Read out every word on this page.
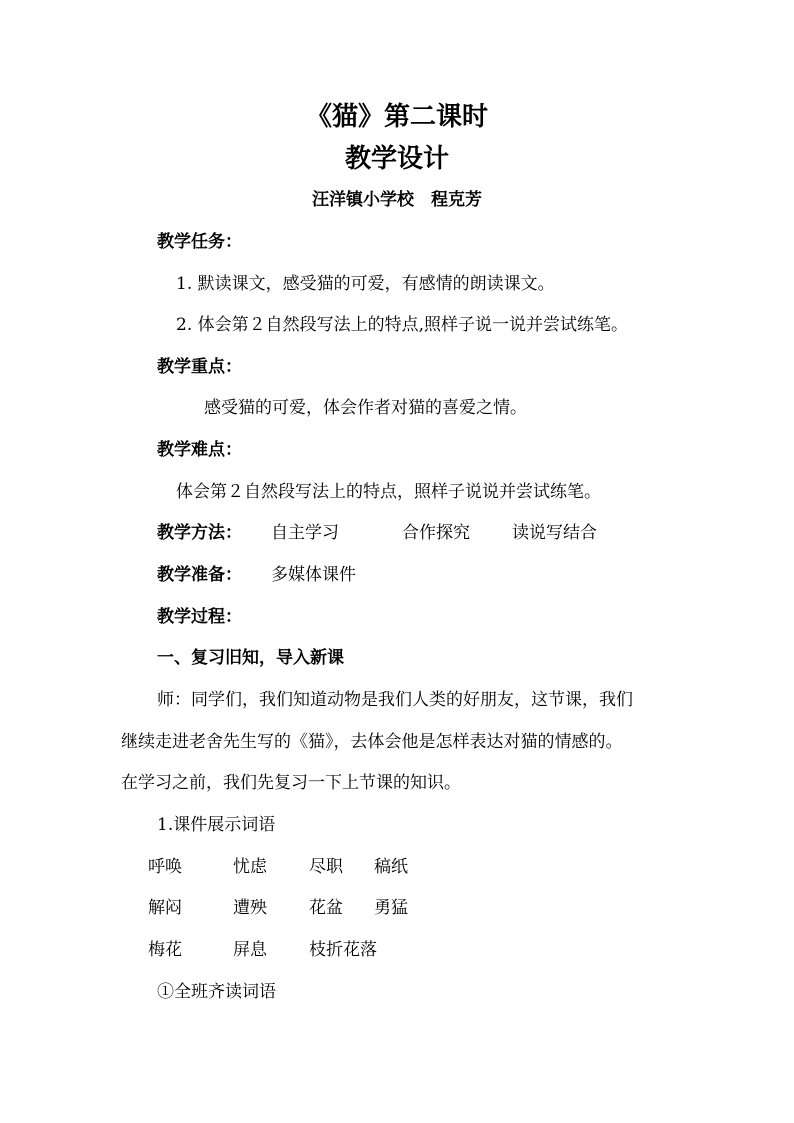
《猫》第二课时
教学设计
汪洋镇小学校　程克芳
教学任务：
1. 默读课文，感受猫的可爱，有感情的朗读课文。
2. 体会第２自然段写法上的特点,照样子说一说并尝试练笔。
教学重点：
感受猫的可爱，体会作者对猫的喜爱之情。
教学难点：
体会第２自然段写法上的特点，照样子说说并尝试练笔。
教学方法： 自主学习	合作探究 读说写结合
教学准备： 多媒体课件
教学过程：
一、复习旧知，导入新课
师：同学们，我们知道动物是我们人类的好朋友，这节课，我们
继续走进老舍先生写的《猫》，去体会他是怎样表达对猫的情感的。
在学习之前，我们先复习一下上节课的知识。
1.课件展示词语
呼唤	忧虑 尽职 稿纸
解闷	遭殃 花盆 勇猛
梅花	屏息 枝折花落
①全班齐读词语
